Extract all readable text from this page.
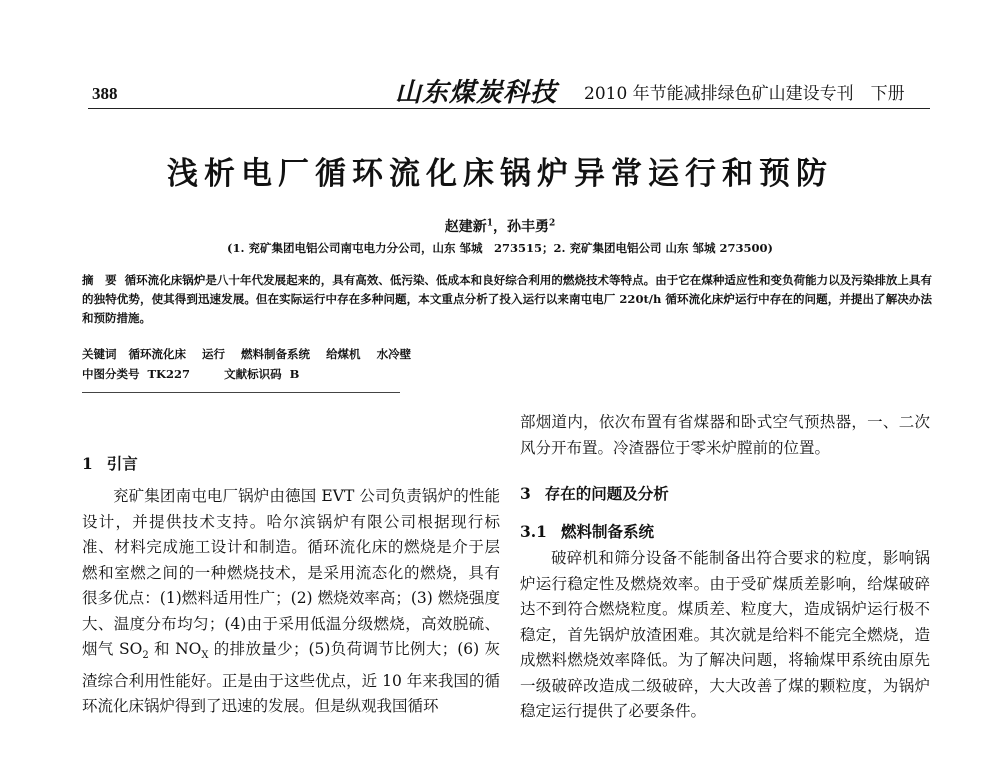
388	山东煤炭科技 2010 年节能减排绿色矿山建设专刊　下册
浅析电厂循环流化床锅炉异常运行和预防
赵建新$^1$，孙丰勇$^2$
(1. 兖矿集团电铝公司南屯电力分公司，山东 邹城　273515；2. 兖矿集团电铝公司 山东 邹城 273500)
摘　要 循环流化床锅炉是八十年代发展起来的，具有高效、低污染、低成本和良好综合利用的燃烧技术等特点。由于它在煤种适应性和变负荷能力以及污染排放上具有的独特优势，使其得到迅速发展。但在实际运行中存在多种问题，本文重点分析了投入运行以来南屯电厂 220t/h 循环流化床炉运行中存在的问题，并提出了解决办法和预防措施。
关键词 循环流化床 运行 燃料制备系统 给煤机 水冷壁
中图分类号 TK227	文献标识码 B
1 引言
兖矿集团南屯电厂锅炉由德国 EVT 公司负责锅炉的性能设计，并提供技术支持。哈尔滨锅炉有限公司根据现行标准、材料完成施工设计和制造。循环流化床的燃烧是介于层燃和室燃之间的一种燃烧技术，是采用流态化的燃烧，具有很多优点：(1)燃料适用性广；(2) 燃烧效率高；(3) 燃烧强度大、温度分布均匀；(4)由于采用低温分级燃烧，高效脱硫、烟气 $SO_2$ 和 $NO_X$ 的排放量少；(5)负荷调节比例大；(6) 灰渣综合利用性能好。正是由于这些优点，近 10 年来我国的循环流化床锅炉得到了迅速的发展。但是纵观我国循环
部烟道内，依次布置有省煤器和卧式空气预热器，一、二次风分开布置。冷渣器位于零米炉膛前的位置。
3 存在的问题及分析
3.1 燃料制备系统
破碎机和筛分设备不能制备出符合要求的粒度，影响锅炉运行稳定性及燃烧效率。由于受矿煤质差影响，给煤破碎达不到符合燃烧粒度。煤质差、粒度大，造成锅炉运行极不稳定，首先锅炉放渣困难。其次就是给料不能完全燃烧，造成燃料燃烧效率降低。为了解决问题，将输煤甲系统由原先一级破碎改造成二级破碎，大大改善了煤的颗粒度，为锅炉稳定运行提供了必要条件。
